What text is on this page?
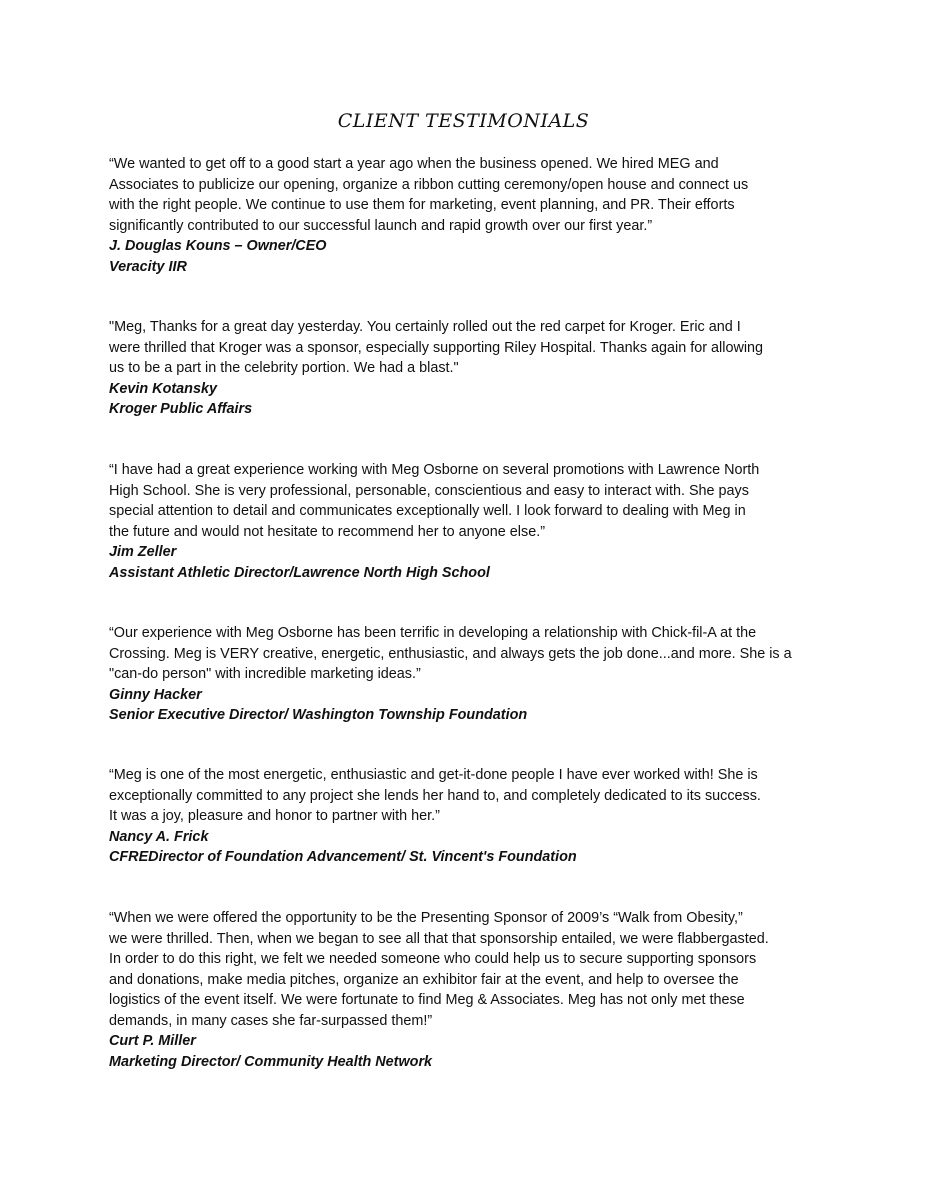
CLIENT TESTIMONIALS

“We wanted to get off to a good start a year ago when the business opened. We hired MEG and
Associates to publicize our opening, organize a ribbon cutting ceremony/open house and connect us
with the right people. We continue to use them for marketing, event planning, and PR. Their efforts
significantly contributed to our successful launch and rapid growth over our first year.”

J. Douglas Kouns – Owner/CEO

Veracity IIR

"Meg, Thanks for a great day yesterday. You certainly rolled out the red carpet for Kroger. Eric and I
were thrilled that Kroger was a sponsor, especially supporting Riley Hospital. Thanks again for allowing
us to be a part in the celebrity portion. We had a blast."

Kevin Kotansky

Kroger Public Affairs

“I have had a great experience working with Meg Osborne on several promotions with Lawrence North
High School. She is very professional, personable, conscientious and easy to interact with. She pays
special attention to detail and communicates exceptionally well. I look forward to dealing with Meg in
the future and would not hesitate to recommend her to anyone else.”

Jim Zeller

Assistant Athletic Director/Lawrence North High School

“Our experience with Meg Osborne has been terrific in developing a relationship with Chick-fil-A at the
Crossing. Meg is VERY creative, energetic, enthusiastic, and always gets the job done...and more. She is a
"can-do person" with incredible marketing ideas.”

Ginny Hacker

Senior Executive Director/ Washington Township Foundation

“Meg is one of the most energetic, enthusiastic and get-it-done people I have ever worked with! She is
exceptionally committed to any project she lends her hand to, and completely dedicated to its success.
It was a joy, pleasure and honor to partner with her.”

Nancy A. Frick

CFREDirector of Foundation Advancement/ St. Vincent's Foundation

“When we were offered the opportunity to be the Presenting Sponsor of 2009’s “Walk from Obesity,”
we were thrilled. Then, when we began to see all that that sponsorship entailed, we were flabbergasted.
In order to do this right, we felt we needed someone who could help us to secure supporting sponsors
and donations, make media pitches, organize an exhibitor fair at the event, and help to oversee the
logistics of the event itself. We were fortunate to find Meg & Associates. Meg has not only met these
demands, in many cases she far-surpassed them!”

Curt P. Miller

Marketing Director/ Community Health Network
